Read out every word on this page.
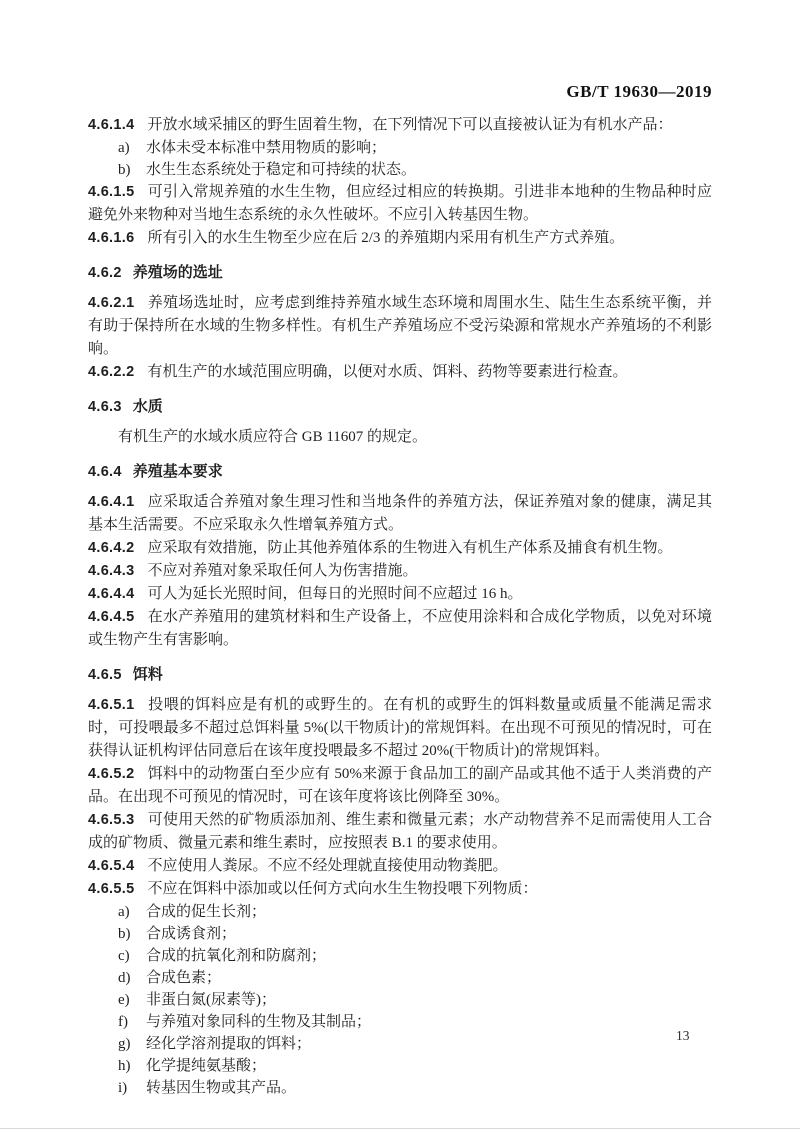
GB/T 19630—2019

4.6.1.4 开放水域采捕区的野生固着生物，在下列情况下可以直接被认证为有机水产品：

a) 水体未受本标准中禁用物质的影响；

b) 水生生态系统处于稳定和可持续的状态。

4.6.1.5 可引入常规养殖的水生生物，但应经过相应的转换期。引进非本地种的生物品种时应避免外来物种对当地生态系统的永久性破坏。不应引入转基因生物。

4.6.1.6 所有引入的水生生物至少应在后 2/3 的养殖期内采用有机生产方式养殖。

4.6.2 养殖场的选址

4.6.2.1 养殖场选址时，应考虑到维持养殖水域生态环境和周围水生、陆生生态系统平衡，并有助于保持所在水域的生物多样性。有机生产养殖场应不受污染源和常规水产养殖场的不利影响。

4.6.2.2 有机生产的水域范围应明确，以便对水质、饵料、药物等要素进行检查。

4.6.3 水质

有机生产的水域水质应符合 GB 11607 的规定。

4.6.4 养殖基本要求

4.6.4.1 应采取适合养殖对象生理习性和当地条件的养殖方法，保证养殖对象的健康，满足其基本生活需要。不应采取永久性增氧养殖方式。

4.6.4.2 应采取有效措施，防止其他养殖体系的生物进入有机生产体系及捕食有机生物。

4.6.4.3 不应对养殖对象采取任何人为伤害措施。

4.6.4.4 可人为延长光照时间，但每日的光照时间不应超过 16 h。

4.6.4.5 在水产养殖用的建筑材料和生产设备上，不应使用涂料和合成化学物质，以免对环境或生物产生有害影响。

4.6.5 饵料

4.6.5.1 投喂的饵料应是有机的或野生的。在有机的或野生的饵料数量或质量不能满足需求时，可投喂最多不超过总饵料量 5%(以干物质计)的常规饵料。在出现不可预见的情况时，可在获得认证机构评估同意后在该年度投喂最多不超过 20%(干物质计)的常规饵料。

4.6.5.2 饵料中的动物蛋白至少应有 50%来源于食品加工的副产品或其他不适于人类消费的产品。在出现不可预见的情况时，可在该年度将该比例降至 30%。

4.6.5.3 可使用天然的矿物质添加剂、维生素和微量元素；水产动物营养不足而需使用人工合成的矿物质、微量元素和维生素时，应按照表 B.1 的要求使用。

4.6.5.4 不应使用人粪尿。不应不经处理就直接使用动物粪肥。

4.6.5.5 不应在饵料中添加或以任何方式向水生生物投喂下列物质：

a) 合成的促生长剂；

b) 合成诱食剂；

c) 合成的抗氧化剂和防腐剂；

d) 合成色素；

e) 非蛋白氮(尿素等)；

f) 与养殖对象同科的生物及其制品；

g) 经化学溶剂提取的饵料；

h) 化学提纯氨基酸；

i) 转基因生物或其产品。

13
